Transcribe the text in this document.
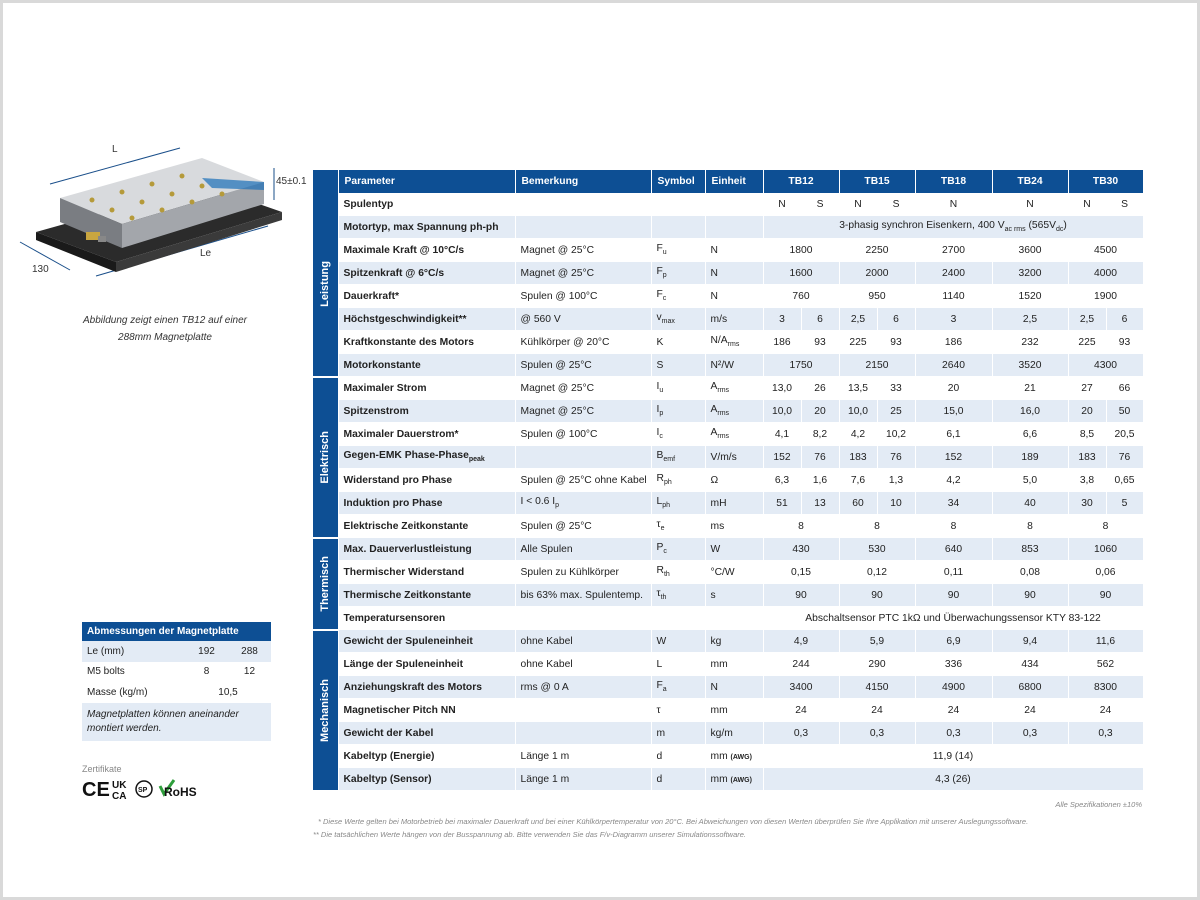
L
45±0.1
130
Le
Abbildung zeigt einen TB12 auf einer
288mm Magnetplatte
Abmessungen der Magnetplatte		
Le (mm)	192	288
M5 bolts	8	12
Masse (kg/m)	10,5	
Magnetplatten können aneinander montiert werden.		
Zertifikate
CE UK
CA
SP RoHS
	Parameter	Bemerkung	Symbol	Einheit	TB12		TB15		TB18	TB24	TB30	

Leistung	Spulentyp				N	S	N	S	N	N	N	S
	Motortyp, max Spannung ph-ph				3-phasig synchron Eisenkern, 400 $V_{ac rms}$ $(565V_{dc})$							
	Maximale Kraft @ 10°C/s	Magnet @ 25°C	$F_u$	N	1800		2250		2700	3600	4500	
	Spitzenkraft @ 6°C/s	Magnet @ 25°C	$F_p$	N	1600		2000		2400	3200	4000	
	Dauerkraft*	Spulen @ 100°C	$F_c$	N	760		950		1140	1520	1900	
	Höchstgeschwindigkeit**	@ 560 V	$v_{max}$	m/s	3	6	2,5	6	3	2,5	2,5	6
	Kraftkonstante des Motors	Kühlkörper @ 20°C	K	$N/A_{rms}$	186	93	225	93	186	232	225	93
	Motorkonstante	Spulen @ 25°C	S	N²/W	1750		2150		2640	3520	4300	

Elektrisch	Maximaler Strom	Magnet @ 25°C	$I_u$	$A_{rms}$	13,0	26	13,5	33	20	21	27	66
	Spitzenstrom	Magnet @ 25°C	$I_p$	$A_{rms}$	10,0	20	10,0	25	15,0	16,0	20	50
	Maximaler Dauerstrom*	Spulen @ 100°C	$I_c$	$A_{rms}$	4,1	8,2	4,2	10,2	6,1	6,6	8,5	20,5
	Gegen-EMK Phase-Phase$_{peak}$		$B_{emf}$	V/m/s	152	76	183	76	152	189	183	76
	Widerstand pro Phase	Spulen @ 25°C ohne Kabel	$R_{ph}$	Ω	6,3	1,6	7,6	1,3	4,2	5,0	3,8	0,65
	Induktion pro Phase	I < 0.6 $I_p$	$L_{ph}$	mH	51	13	60	10	34	40	30	5
	Elektrische Zeitkonstante	Spulen @ 25°C	$\tau_e$	ms	8		8		8	8	8	

Thermisch	Max. Dauerverlustleistung	Alle Spulen	$P_c$	W	430		530		640	853	1060	
	Thermischer Widerstand	Spulen zu Kühlkörper	$R_{th}$	°C/W	0,15		0,12		0,11	0,08	0,06	
	Thermische Zeitkonstante	bis 63% max. Spulentemp.	$\tau_{th}$	s	90		90		90	90	90	
	Temperatursensoren				Abschaltsensor PTC 1kΩ und Überwachungssensor KTY 83-122							

Mechanisch	Gewicht der Spuleneinheit	ohne Kabel	W	kg	4,9		5,9		6,9	9,4	11,6	
	Länge der Spuleneinheit	ohne Kabel	L	mm	244		290		336	434	562	
	Anziehungskraft des Motors	rms @ 0 A	$F_a$	N	3400		4150		4900	6800	8300	
	Magnetischer Pitch NN		τ	mm	24		24		24	24	24	
	Gewicht der Kabel		m	kg/m	0,3		0,3		0,3	0,3	0,3	
	Kabeltyp (Energie)	Länge 1 m	d	mm (AWG)	11,9 (14)							
	Kabeltyp (Sensor)	Länge 1 m	d	mm (AWG)	4,3 (26)							
Alle Spezifikationen ±10%
* Diese Werte gelten bei Motorbetrieb bei maximaler Dauerkraft und bei einer Kühlkörpertemperatur von 20°C. Bei Abweichungen von diesen Werten überprüfen Sie Ihre Applikation mit unserer Auslegungssoftware.
** Die tatsächlichen Werte hängen von der Busspannung ab. Bitte verwenden Sie das F/v-Diagramm unserer Simulationssoftware.
